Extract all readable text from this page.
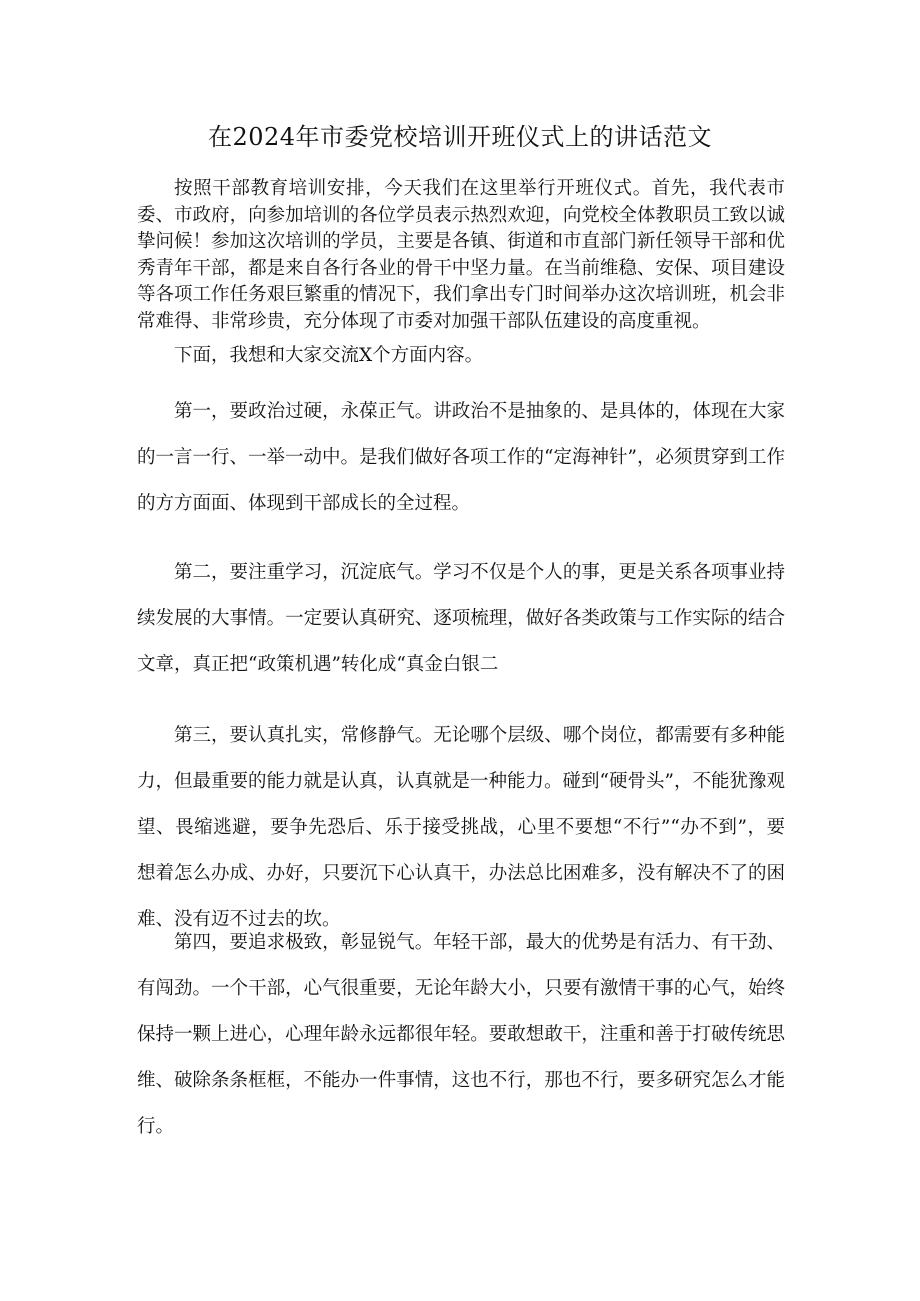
在2024年市委党校培训开班仪式上的讲话范文

按照干部教育培训安排，今天我们在这里举行开班仪式。首先，我代表市委、市政府，向参加培训的各位学员表示热烈欢迎，向党校全体教职员工致以诚挚问候！参加这次培训的学员，主要是各镇、街道和市直部门新任领导干部和优秀青年干部，都是来自各行各业的骨干中坚力量。在当前维稳、安保、项目建设等各项工作任务艰巨繁重的情况下，我们拿出专门时间举办这次培训班，机会非常难得、非常珍贵，充分体现了市委对加强干部队伍建设的高度重视。

下面，我想和大家交流X个方面内容。

第一，要政治过硬，永葆正气。讲政治不是抽象的、是具体的，体现在大家的一言一行、一举一动中。是我们做好各项工作的“定海神针”，必须贯穿到工作的方方面面、体现到干部成长的全过程。

第二，要注重学习，沉淀底气。学习不仅是个人的事，更是关系各项事业持续发展的大事情。一定要认真研究、逐项梳理，做好各类政策与工作实际的结合文章，真正把“政策机遇”转化成“真金白银二

第三，要认真扎实，常修静气。无论哪个层级、哪个岗位，都需要有多种能力，但最重要的能力就是认真，认真就是一种能力。碰到“硬骨头”，不能犹豫观望、畏缩逃避，要争先恐后、乐于接受挑战，心里不要想“不行”“办不到”，要想着怎么办成、办好，只要沉下心认真干，办法总比困难多，没有解决不了的困难、没有迈不过去的坎。

第四，要追求极致，彰显锐气。年轻干部，最大的优势是有活力、有干劲、有闯劲。一个干部，心气很重要，无论年龄大小，只要有激情干事的心气，始终保持一颗上进心，心理年龄永远都很年轻。要敢想敢干，注重和善于打破传统思维、破除条条框框，不能办一件事情，这也不行，那也不行，要多研究怎么才能行。
